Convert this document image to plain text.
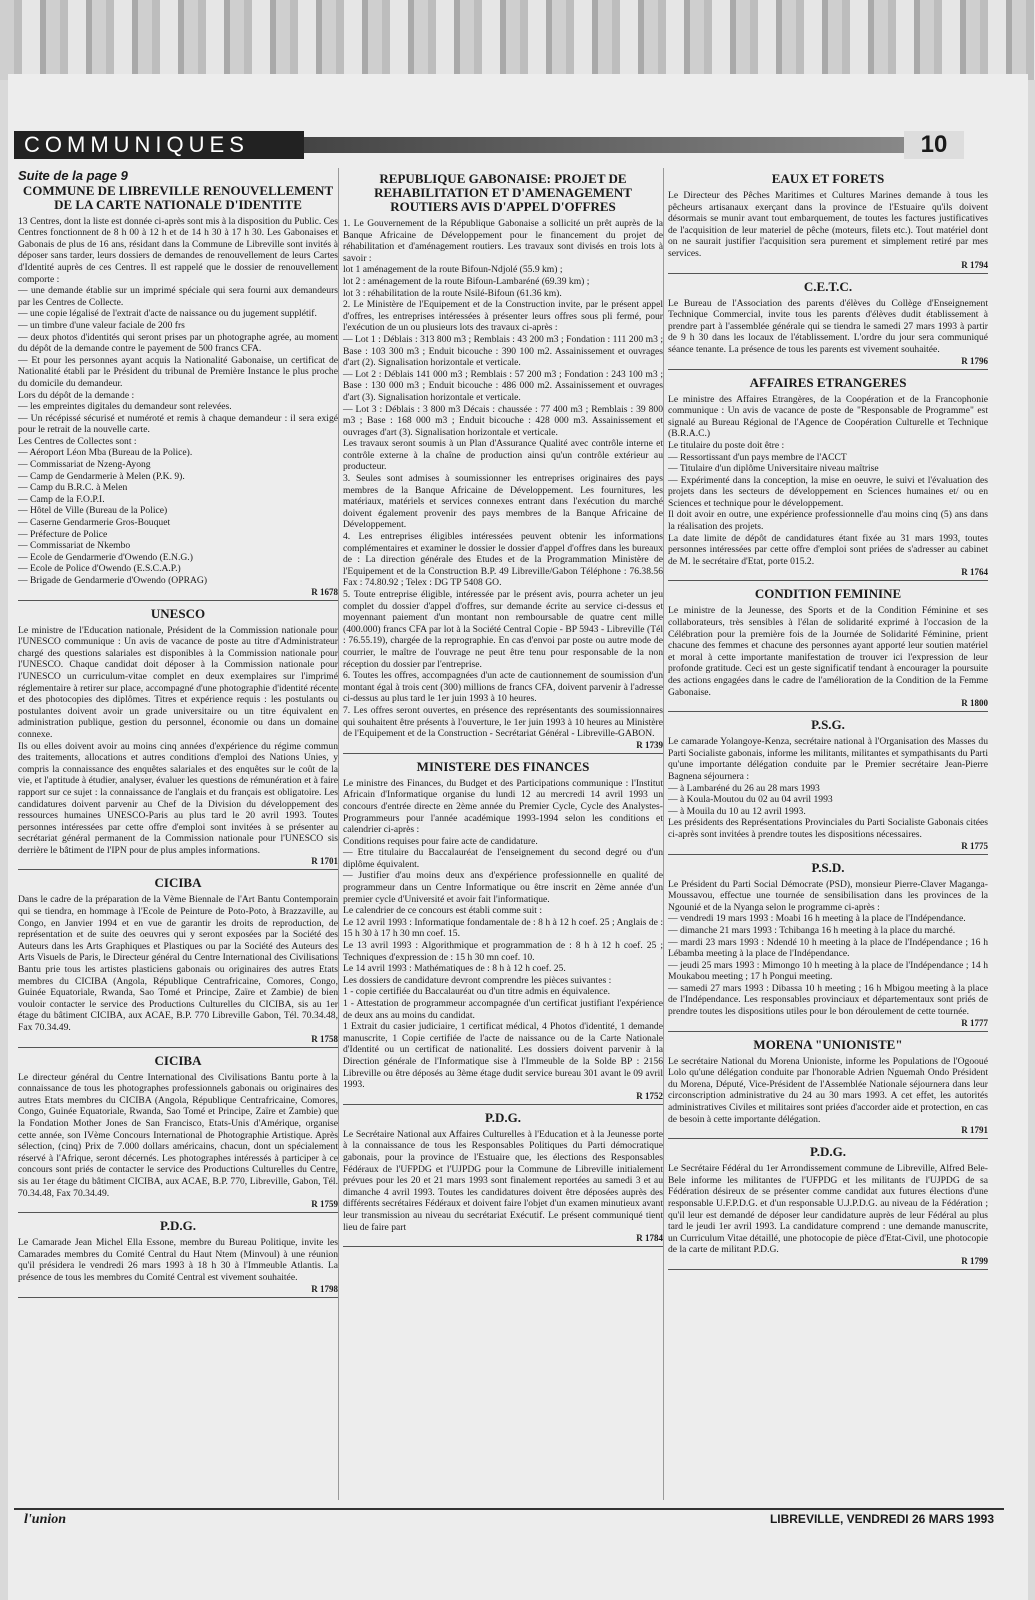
COMMUNIQUES	10
Suite de la page 9
COMMUNE DE LIBREVILLE RENOUVELLEMENT DE LA CARTE NATIONALE D'IDENTITE

13 Centres, dont la liste est donnée ci-après sont mis à la disposition du Public. Ces Centres fonctionnent de 8 h 00 à 12 h et de 14 h 30 à 17 h 30. Les Gabonaises et Gabonais de plus de 16 ans, résidant dans la Commune de Libreville sont invités à déposer sans tarder, leurs dossiers de demandes de renouvellement de leurs Cartes d'Identité auprès de ces Centres. Il est rappelé que le dossier de renouvellement comporte :
— une demande établie sur un imprimé spéciale qui sera fourni aux demandeurs par les Centres de Collecte.
— une copie légalisé de l'extrait d'acte de naissance ou du jugement supplétif.
— un timbre d'une valeur faciale de 200 frs
— deux photos d'identités qui seront prises par un photographe agrée, au moment du dépôt de la demande contre le payement de 500 francs CFA.
— Et pour les personnes ayant acquis la Nationalité Gabonaise, un certificat de Nationalité établi par le Président du tribunal de Première Instance le plus proche du domicile du demandeur.
Lors du dépôt de la demande :
— les empreintes digitales du demandeur sont relevées.
— Un récépissé sécurisé et numéroté et remis à chaque demandeur : il sera exigé pour le retrait de la nouvelle carte.
Les Centres de Collectes sont :
— Aéroport Léon Mba (Bureau de la Police).
— Commissariat de Nzeng-Ayong
— Camp de Gendarmerie à Melen (P.K. 9).
— Camp du B.R.C. à Melen
— Camp de la F.O.P.I.
— Hôtel de Ville (Bureau de la Police)
— Caserne Gendarmerie Gros-Bouquet
— Préfecture de Police
— Commissariat de Nkembo
— Ecole de Gendarmerie d'Owendo (E.N.G.)
— Ecole de Police d'Owendo (E.S.C.A.P.)
— Brigade de Gendarmerie d'Owendo (OPRAG)

R 1678
UNESCO

Le ministre de l'Education nationale, Président de la Commission nationale pour l'UNESCO communique : Un avis de vacance de poste au titre d'Administrateur chargé des questions salariales est disponibles à la Commission nationale pour l'UNESCO. Chaque candidat doit déposer à la Commission nationale pour l'UNESCO un curriculum-vitae complet en deux exemplaires sur l'imprimé réglementaire à retirer sur place, accompagné d'une photographie d'identité récente et des photocopies des diplômes. Titres et expérience requis : les postulants ou postulantes doivent avoir un grade universitaire ou un titre équivalent en administration publique, gestion du personnel, économie ou dans un domaine connexe.
Ils ou elles doivent avoir au moins cinq années d'expérience du régime commun des traitements, allocations et autres conditions d'emploi des Nations Unies, y compris la connaissance des enquêtes salariales et des enquêtes sur le coût de la vie, et l'aptitude à étudier, analyser, évaluer les questions de rémunération et à faire rapport sur ce sujet : la connaissance de l'anglais et du français est obligatoire. Les candidatures doivent parvenir au Chef de la Division du développement des ressources humaines UNESCO-Paris au plus tard le 20 avril 1993. Toutes personnes intéressées par cette offre d'emploi sont invitées à se présenter au secrétariat général permanent de la Commission nationale pour l'UNESCO sis derrière le bâtiment de l'IPN pour de plus amples informations.

R 1701
CICIBA

Dans le cadre de la préparation de la Vème Biennale de l'Art Bantu Contemporain qui se tiendra, en hommage à l'Ecole de Peinture de Poto-Poto, à Brazzaville, au Congo, en Janvier 1994 et en vue de garantir les droits de reproduction, de représentation et de suite des oeuvres qui y seront exposées par la Société des Auteurs dans les Arts Graphiques et Plastiques ou par la Société des Auteurs des Arts Visuels de Paris, le Directeur général du Centre International des Civilisations Bantu prie tous les artistes plasticiens gabonais ou originaires des autres Etats membres du CICIBA (Angola, République Centrafricaine, Comores, Congo, Guinée Equatoriale, Rwanda, Sao Tomé et Principe, Zaïre et Zambie) de bien vouloir contacter le service des Productions Culturelles du CICIBA, sis au 1er étage du bâtiment CICIBA, aux ACAE, B.P. 770 Libreville Gabon, Tél. 70.34.48, Fax 70.34.49.

R 1758
CICIBA

Le directeur général du Centre International des Civilisations Bantu porte à la connaissance de tous les photographes professionnels gabonais ou originaires des autres Etats membres du CICIBA (Angola, République Centrafricaine, Comores, Congo, Guinée Equatoriale, Rwanda, Sao Tomé et Principe, Zaïre et Zambie) que la Fondation Mother Jones de San Francisco, Etats-Unis d'Amérique, organise cette année, son IVème Concours International de Photographie Artistique. Après sélection, (cinq) Prix de 7.000 dollars américains, chacun, dont un spécialement réservé à l'Afrique, seront décernés. Les photographes intéressés à participer à ce concours sont priés de contacter le service des Productions Culturelles du Centre, sis au 1er étage du bâtiment CICIBA, aux ACAE, B.P. 770, Libreville, Gabon, Tél. 70.34.48, Fax 70.34.49.

R 1759
P.D.G.

Le Camarade Jean Michel Ella Essone, membre du Bureau Politique, invite les Camarades membres du Comité Central du Haut Ntem (Minvoul) à une réunion qu'il présidera le vendredi 26 mars 1993 à 18 h 30 à l'Immeuble Atlantis. La présence de tous les membres du Comité Central est vivement souhaitée.

R 1798
REPUBLIQUE GABONAISE: PROJET DE REHABILITATION ET D'AMENAGEMENT ROUTIERS AVIS D'APPEL D'OFFRES

1. Le Gouvernement de la République Gabonaise a sollicité un prêt auprès de la Banque Africaine de Développement pour le financement du projet de réhabilitation et d'aménagement routiers. Les travaux sont divisés en trois lots à savoir :
lot 1 aménagement de la route Bifoun-Ndjolé (55.9 km) ;
lot 2 : aménagement de la route Bifoun-Lambaréné (69.39 km) ;
lot 3 : réhabilitation de la route Nsilé-Bifoun (61.36 km).
2. Le Ministère de l'Equipement et de la Construction invite, par le présent appel d'offres, les entreprises intéressées à présenter leurs offres sous pli fermé, pour l'exécution de un ou plusieurs lots des travaux ci-après :
— Lot 1 : Déblais : 313 800 m3 ; Remblais : 43 200 m3 ; Fondation : 111 200 m3 ; Base : 103 300 m3 ; Enduit bicouche : 390 100 m2. Assainissement et ouvrages d'art (2). Signalisation horizontale et verticale.
— Lot 2 : Déblais 141 000 m3 ; Remblais : 57 200 m3 ; Fondation : 243 100 m3 ; Base : 130 000 m3 ; Enduit bicouche : 486 000 m2. Assainissement et ouvrages d'art (3). Signalisation horizontale et verticale.
— Lot 3 : Déblais : 3 800 m3 Décais : chaussée : 77 400 m3 ; Remblais : 39 800 m3 ; Base : 168 000 m3 ; Enduit bicouche : 428 000 m3. Assainissement et ouvrages d'art (3). Signalisation horizontale et verticale.
Les travaux seront soumis à un Plan d'Assurance Qualité avec contrôle interne et contrôle externe à la chaîne de production ainsi qu'un contrôle extérieur au producteur.
3. Seules sont admises à soumissionner les entreprises originaires des pays membres de la Banque Africaine de Développement. Les fournitures, les matériaux, matériels et services connexes entrant dans l'exécution du marché doivent également provenir des pays membres de la Banque Africaine de Développement.
4. Les entreprises éligibles intéressées peuvent obtenir les informations complémentaires et examiner le dossier le dossier d'appel d'offres dans les bureaux de : La direction générale des Etudes et de la Programmation Ministère de l'Equipement et de la Construction B.P. 49 Libreville/Gabon Téléphone : 76.38.56 Fax : 74.80.92 ; Telex : DG TP 5408 GO.
5. Toute entreprise éligible, intéressée par le présent avis, pourra acheter un jeu complet du dossier d'appel d'offres, sur demande écrite au service ci-dessus et moyennant paiement d'un montant non remboursable de quatre cent mille (400.000) francs CFA par lot à la Société Central Copie - BP 5943 - Libreville (Tél : 76.55.19), chargée de la reprographie. En cas d'envoi par poste ou autre mode de courrier, le maître de l'ouvrage ne peut être tenu pour responsable de la non réception du dossier par l'entreprise.
6. Toutes les offres, accompagnées d'un acte de cautionnement de soumission d'un montant égal à trois cent (300) millions de francs CFA, doivent parvenir à l'adresse ci-dessus au plus tard le 1er juin 1993 à 10 heures.
7. Les offres seront ouvertes, en présence des représentants des soumissionnaires qui souhaitent être présents à l'ouverture, le 1er juin 1993 à 10 heures au Ministère de l'Equipement et de la Construction - Secrétariat Général - Libreville-GABON.

R 1739
MINISTERE DES FINANCES

Le ministre des Finances, du Budget et des Participations communique : l'Institut Africain d'Informatique organise du lundi 12 au mercredi 14 avril 1993 un concours d'entrée directe en 2ème année du Premier Cycle, Cycle des Analystes-Programmeurs pour l'année académique 1993-1994 selon les conditions et calendrier ci-après :
Conditions requises pour faire acte de candidature.
— Etre titulaire du Baccalauréat de l'enseignement du second degré ou d'un diplôme équivalent.
— Justifier d'au moins deux ans d'expérience professionnelle en qualité de programmeur dans un Centre Informatique ou être inscrit en 2ème année d'un premier cycle d'Université et avoir fait l'informatique.
Le calendrier de ce concours est établi comme suit :
Le 12 avril 1993 : Informatique fondamentale de : 8 h à 12 h coef. 25 ; Anglais de : 15 h 30 à 17 h 30 mn coef. 15.
Le 13 avril 1993 : Algorithmique et programmation de : 8 h à 12 h coef. 25 ; Techniques d'expression de : 15 h 30 mn coef. 10.
Le 14 avril 1993 : Mathématiques de : 8 h à 12 h coef. 25.
Les dossiers de candidature devront comprendre les pièces suivantes :
1 - copie certifiée du Baccalauréat ou d'un titre admis en équivalence.
1 - Attestation de programmeur accompagnée d'un certificat justifiant l'expérience de deux ans au moins du candidat.
1 Extrait du casier judiciaire, 1 certificat médical, 4 Photos d'identité, 1 demande manuscrite, 1 Copie certifiée de l'acte de naissance ou de la Carte Nationale d'Identité ou un certificat de nationalité. Les dossiers doivent parvenir à la Direction générale de l'Informatique sise à l'Immeuble de la Solde BP : 2156 Libreville ou être déposés au 3ème étage dudit service bureau 301 avant le 09 avril 1993.

R 1752
P.D.G.

Le Secrétaire National aux Affaires Culturelles à l'Education et à la Jeunesse porte à la connaissance de tous les Responsables Politiques du Parti démocratique gabonais, pour la province de l'Estuaire que, les élections des Responsables Fédéraux de l'UFPDG et l'UJPDG pour la Commune de Libreville initialement prévues pour les 20 et 21 mars 1993 sont finalement reportées au samedi 3 et au dimanche 4 avril 1993. Toutes les candidatures doivent être déposées auprès des différents secrétaires Fédéraux et doivent faire l'objet d'un examen minutieux avant leur transmission au niveau du secrétariat Exécutif. Le présent communiqué tient lieu de faire part

R 1784
EAUX ET FORETS

Le Directeur des Pêches Maritimes et Cultures Marines demande à tous les pêcheurs artisanaux exerçant dans la province de l'Estuaire qu'ils doivent désormais se munir avant tout embarquement, de toutes les factures justificatives de l'acquisition de leur materiel de pêche (moteurs, filets etc.). Tout matériel dont on ne saurait justifier l'acquisition sera purement et simplement retiré par mes services.

R 1794
C.E.T.C.

Le Bureau de l'Association des parents d'élèves du Collège d'Enseignement Technique Commercial, invite tous les parents d'élèves dudit établissement à prendre part à l'assemblée générale qui se tiendra le samedi 27 mars 1993 à partir de 9 h 30 dans les locaux de l'établissement. L'ordre du jour sera communiqué séance tenante. La présence de tous les parents est vivement souhaitée.

R 1796
AFFAIRES ETRANGERES

Le ministre des Affaires Etrangères, de la Coopération et de la Francophonie communique : Un avis de vacance de poste de "Responsable de Programme" est signalé au Bureau Régional de l'Agence de Coopération Culturelle et Technique (B.R.A.C.)
Le titulaire du poste doit être :
— Ressortissant d'un pays membre de l'ACCT
— Titulaire d'un diplôme Universitaire niveau maîtrise
— Expérimenté dans la conception, la mise en oeuvre, le suivi et l'évaluation des projets dans les secteurs de développement en Sciences humaines et/ ou en Sciences et technique pour le développement.
Il doit avoir en outre, une expérience professionnelle d'au moins cinq (5) ans dans la réalisation des projets.
La date limite de dépôt de candidatures étant fixée au 31 mars 1993, toutes personnes intéressées par cette offre d'emploi sont priées de s'adresser au cabinet de M. le secrétaire d'Etat, porte 015.2.

R 1764
CONDITION FEMININE

Le ministre de la Jeunesse, des Sports et de la Condition Féminine et ses collaborateurs, très sensibles à l'élan de solidarité exprimé à l'occasion de la Célébration pour la première fois de la Journée de Solidarité Féminine, prient chacune des femmes et chacune des personnes ayant apporté leur soutien matériel et moral à cette importante manifestation de trouver ici l'expression de leur profonde gratitude. Ceci est un geste significatif tendant à encourager la poursuite des actions engagées dans le cadre de l'amélioration de la Condition de la Femme Gabonaise.

R 1800
P.S.G.

Le camarade Yolangoye-Kenza, secrétaire national à l'Organisation des Masses du Parti Socialiste gabonais, informe les militants, militantes et sympathisants du Parti qu'une importante délégation conduite par le Premier secrétaire Jean-Pierre Bagnena séjournera :
— à Lambaréné du 26 au 28 mars 1993
— à Koula-Moutou du 02 au 04 avril 1993
— à Mouila du 10 au 12 avril 1993.
Les présidents des Représentations Provinciales du Parti Socialiste Gabonais citées ci-après sont invitées à prendre toutes les dispositions nécessaires.

R 1775
P.S.D.

Le Président du Parti Social Démocrate (PSD), monsieur Pierre-Claver Maganga-Moussavou, effectue une tournée de sensibilisation dans les provinces de la Ngounié et de la Nyanga selon le programme ci-après :
— vendredi 19 mars 1993 : Moabi 16 h meeting à la place de l'Indépendance.
— dimanche 21 mars 1993 : Tchibanga 16 h meeting à la place du marché.
— mardi 23 mars 1993 : Ndendé 10 h meeting à la place de l'Indépendance ; 16 h Lébamba meeting à la place de l'Indépendance.
— jeudi 25 mars 1993 : Mimongo 10 h meeting à la place de l'Indépendance ; 14 h Moukabou meeting ; 17 h Pongui meeting.
— samedi 27 mars 1993 : Dibassa 10 h meeting ; 16 h Mbigou meeting à la place de l'Indépendance. Les responsables provinciaux et départementaux sont priés de prendre toutes les dispositions utiles pour le bon déroulement de cette tournée.

R 1777
MORENA "UNIONISTE"

Le secrétaire National du Morena Unioniste, informe les Populations de l'Ogooué Lolo qu'une délégation conduite par l'honorable Adrien Nguemah Ondo Président du Morena, Député, Vice-Président de l'Assemblée Nationale séjournera dans leur circonscription administrative du 24 au 30 mars 1993. A cet effet, les autorités administratives Civiles et militaires sont priées d'accorder aide et protection, en cas de besoin à cette importante délégation.

R 1791
P.D.G.

Le Secrétaire Fédéral du 1er Arrondissement commune de Libreville, Alfred Bele-Bele informe les militantes de l'UFPDG et les militants de l'UJPDG de sa Fédération désireux de se présenter comme candidat aux futures élections d'une responsable U.F.P.D.G. et d'un responsable U.J.P.D.G. au niveau de la Fédération ; qu'il leur est demandé de déposer leur candidature auprès de leur Fédéral au plus tard le jeudi 1er avril 1993. La candidature comprend : une demande manuscrite, un Curriculum Vitae détaillé, une photocopie de pièce d'Etat-Civil, une photocopie de la carte de militant P.D.G.

R 1799
l'union	LIBREVILLE, VENDREDI 26 MARS 1993
